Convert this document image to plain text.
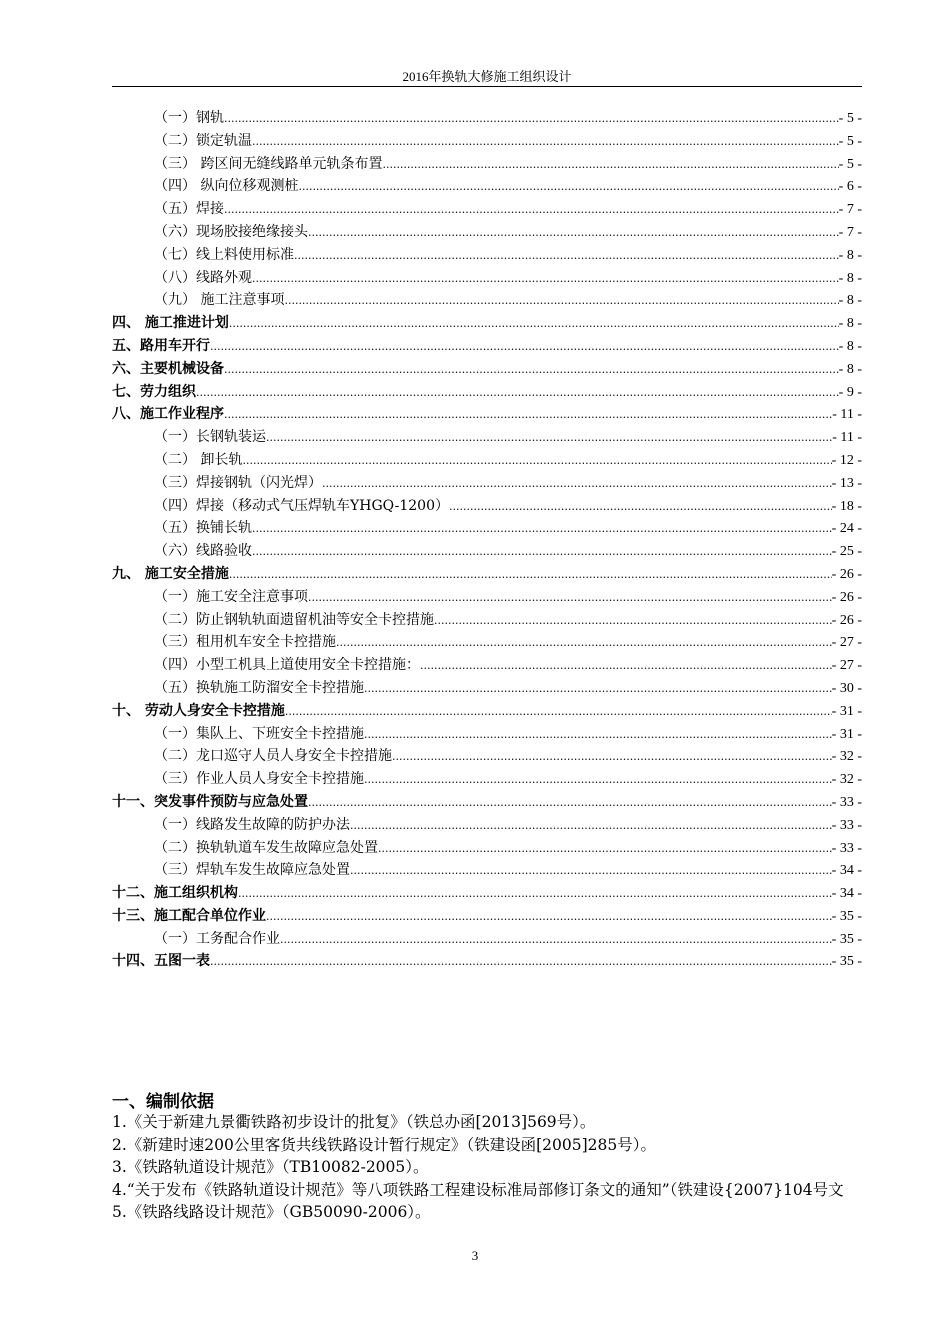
2016年换轨大修施工组织设计
（一）钢轨 .....	- 5 -
（二）锁定轨温 .....	- 5 -
（三） 跨区间无缝线路单元轨条布置 .....	- 5 -
（四） 纵向位移观测桩 .....	- 6 -
（五）焊接 .....	- 7 -
（六）现场胶接绝缘接头 .....	- 7 -
（七）线上料使用标准 .....	- 8 -
（八）线路外观 .....	- 8 -
（九） 施工注意事项 .....	- 8 -
四、 施工推进计划 .....	- 8 -
五、路用车开行 .....	- 8 -
六、主要机械设备 .....	- 8 -
七、劳力组织 .....	- 9 -
八、施工作业程序 .....	- 11 -
（一）长钢轨装运 .....	- 11 -
（二） 卸长轨 .....	- 12 -
（三）焊接钢轨（闪光焊） .....	- 13 -
（四）焊接（移动式气压焊轨车YHGQ-1200） .....	- 18 -
（五）换铺长轨 .....	- 24 -
（六）线路验收 .....	- 25 -
九、 施工安全措施 .....	- 26 -
（一）施工安全注意事项 .....	- 26 -
（二）防止钢轨轨面遗留机油等安全卡控措施 .....	- 26 -
（三）租用机车安全卡控措施 .....	- 27 -
（四）小型工机具上道使用安全卡控措施： .....	- 27 -
（五）换轨施工防溜安全卡控措施 .....	- 30 -
十、 劳动人身安全卡控措施 .....	- 31 -
（一）集队上、下班安全卡控措施 .....	- 31 -
（二）龙口巡守人员人身安全卡控措施 .....	- 32 -
（三）作业人员人身安全卡控措施 .....	- 32 -
十一、突发事件预防与应急处置 .....	- 33 -
（一）线路发生故障的防护办法 .....	- 33 -
（二）换轨轨道车发生故障应急处置 .....	- 33 -
（三）焊轨车发生故障应急处置 .....	- 34 -
十二、施工组织机构 .....	- 34 -
十三、施工配合单位作业 .....	- 35 -
（一）工务配合作业 .....	- 35 -
十四、五图一表 .....	- 35 -
一、编制依据
1.《关于新建九景衢铁路初步设计的批复》（铁总办函[2013]569号）。
2.《新建时速200公里客货共线铁路设计暂行规定》（铁建设函[2005]285号）。
3.《铁路轨道设计规范》（TB10082-2005）。
4.“关于发布《铁路轨道设计规范》等八项铁路工程建设标准局部修订条文的通知”（铁建设{2007}104号文
5.《铁路线路设计规范》（GB50090-2006）。
3
